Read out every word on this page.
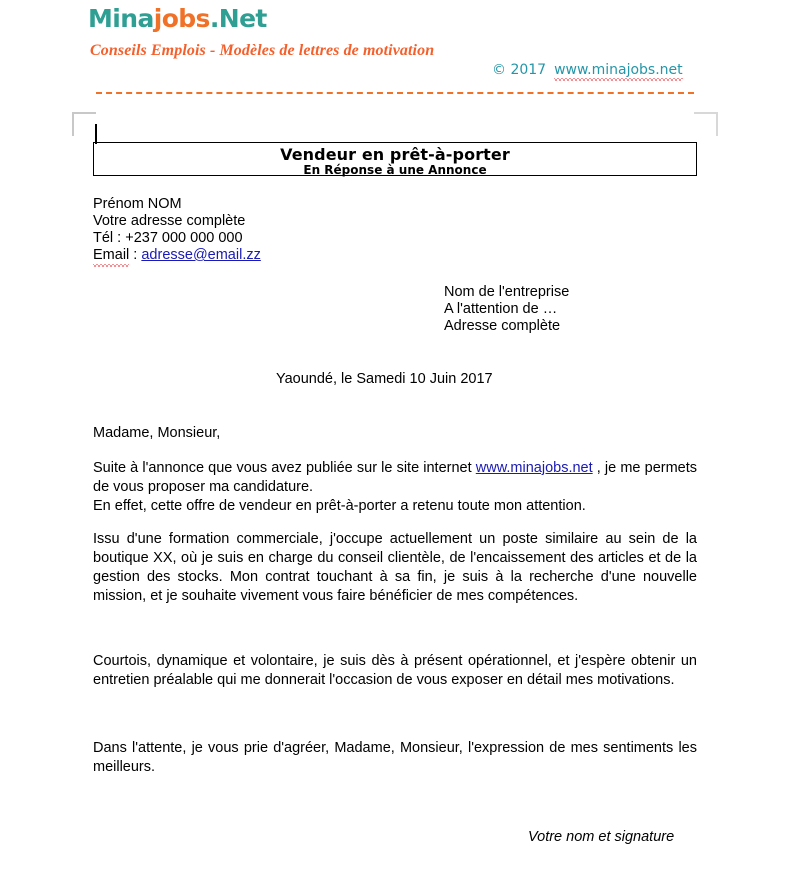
Minajobs.Net
Conseils Emplois - Modèles de lettres de motivation
© 2017 www.minajobs.net
Vendeur en prêt-à-porter
En Réponse à une Annonce
Prénom NOM
Votre adresse complète
Tél : +237 000 000 000
Email : adresse@email.zz
Nom de l'entreprise
A l'attention de …
Adresse complète
Yaoundé, le Samedi 10 Juin 2017
Madame, Monsieur,
Suite à l'annonce que vous avez publiée sur le site internet www.minajobs.net , je me permets de vous proposer ma candidature.
En effet, cette offre de vendeur en prêt-à-porter a retenu toute mon attention.
Issu d'une formation commerciale, j'occupe actuellement un poste similaire au sein de la boutique XX, où je suis en charge du conseil clientèle, de l'encaissement des articles et de la gestion des stocks. Mon contrat touchant à sa fin, je suis à la recherche d'une nouvelle mission, et je souhaite vivement vous faire bénéficier de mes compétences.
Courtois, dynamique et volontaire, je suis dès à présent opérationnel, et j'espère obtenir un entretien préalable qui me donnerait l'occasion de vous exposer en détail mes motivations.
Dans l'attente, je vous prie d'agréer, Madame, Monsieur, l'expression de mes sentiments les meilleurs.
Votre nom et signature
